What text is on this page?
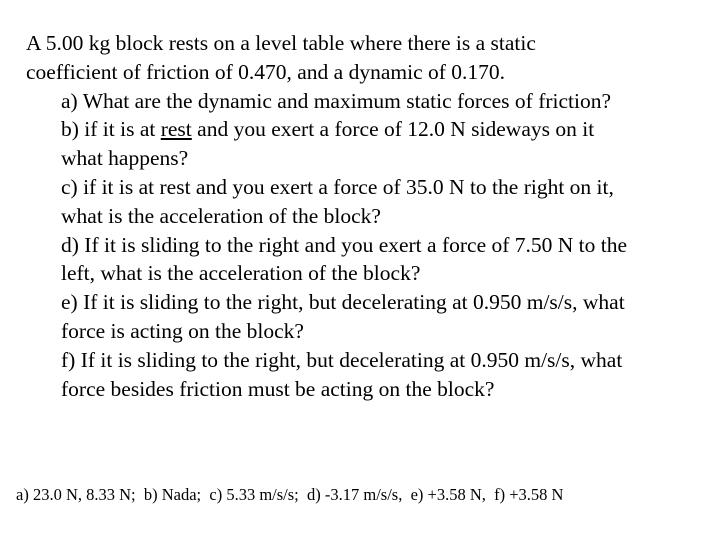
A 5.00 kg block rests on a level table where there is a static
coefficient of friction of 0.470, and a dynamic of 0.170.
a) What are the dynamic and maximum static forces of friction?
b) if it is at rest and you exert a force of 12.0 N sideways on it
what happens?
c) if it is at rest and you exert a force of 35.0 N to the right on it,
what is the acceleration of the block?
d) If it is sliding to the right and you exert a force of 7.50 N to the
left, what is the acceleration of the block?
e) If it is sliding to the right, but decelerating at 0.950 m/s/s, what
force is acting on the block?
f) If it is sliding to the right, but decelerating at 0.950 m/s/s, what
force besides friction must be acting on the block?
a) 23.0 N, 8.33 N;  b) Nada;  c) 5.33 m/s/s;  d) -3.17 m/s/s,  e) +3.58 N,  f) +3.58 N
